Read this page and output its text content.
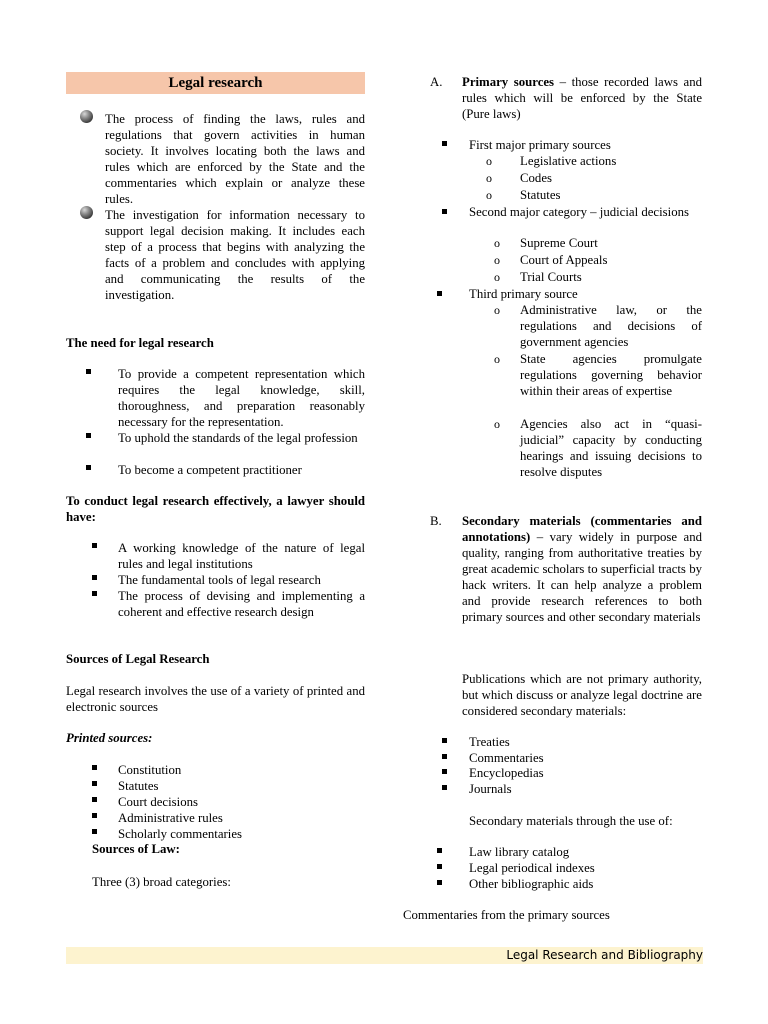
Legal research
The process of finding the laws, rules and regulations that govern activities in human society. It involves locating both the laws and rules which are enforced by the State and the commentaries which explain or analyze these rules.
The investigation for information necessary to support legal decision making. It includes each step of a process that begins with analyzing the facts of a problem and concludes with applying and communicating the results of the investigation.
The need for legal research
To provide a competent representation which requires the legal knowledge, skill, thoroughness, and preparation reasonably necessary for the representation.
To uphold the standards of the legal profession
To become a competent practitioner
To conduct legal research effectively, a lawyer should have:
A working knowledge of the nature of legal rules and legal institutions
The fundamental tools of legal research
The process of devising and implementing a coherent and effective research design
Sources of Legal Research
Legal research involves the use of a variety of printed and electronic sources
Printed sources:
Constitution
Statutes
Court decisions
Administrative rules
Scholarly commentaries
Sources of Law:
Three (3) broad categories:
A. Primary sources – those recorded laws and rules which will be enforced by the State (Pure laws)
First major primary sources
o Legislative actions
o Codes
o Statutes
Second major category – judicial decisions
o Supreme Court
o Court of Appeals
o Trial Courts
Third primary source
o Administrative law, or the regulations and decisions of government agencies
o State agencies promulgate regulations governing behavior within their areas of expertise
o Agencies also act in “quasi-judicial” capacity by conducting hearings and issuing decisions to resolve disputes
B. Secondary materials (commentaries and annotations) – vary widely in purpose and quality, ranging from authoritative treaties by great academic scholars to superficial tracts by hack writers. It can help analyze a problem and provide research references to both primary sources and other secondary materials
Publications which are not primary authority, but which discuss or analyze legal doctrine are considered secondary materials:
Treaties
Commentaries
Encyclopedias
Journals
Secondary materials through the use of:
Law library catalog
Legal periodical indexes
Other bibliographic aids
Commentaries from the primary sources
Legal Research and Bibliography
